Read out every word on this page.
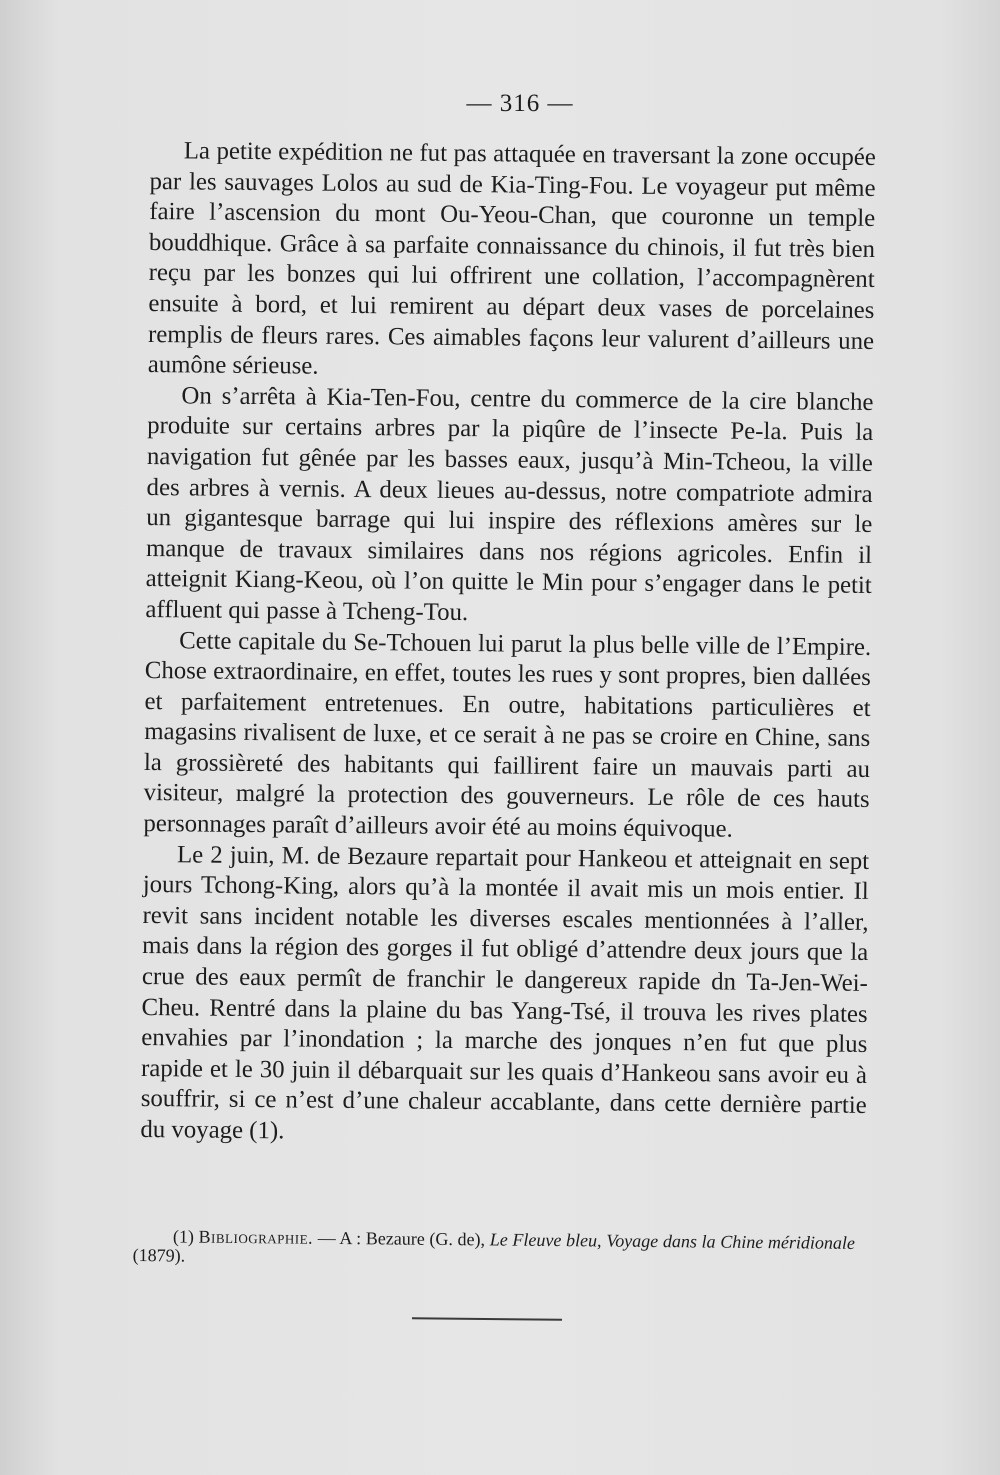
— 316 —

La petite expédition ne fut pas attaquée en traversant la zone occupée par les sauvages Lolos au sud de Kia-Ting-Fou. Le voyageur put même faire l’ascension du mont Ou-Yeou-Chan, que couronne un temple bouddhique. Grâce à sa parfaite connaissance du chinois, il fut très bien reçu par les bonzes qui lui offrirent une collation, l’accompagnèrent ensuite à bord, et lui remirent au départ deux vases de porcelaines remplis de fleurs rares. Ces aimables façons leur valurent d’ailleurs une aumône sérieuse.

On s’arrêta à Kia-Ten-Fou, centre du commerce de la cire blanche produite sur certains arbres par la piqûre de l’insecte Pe-la. Puis la navigation fut gênée par les basses eaux, jusqu’à Min-Tcheou, la ville des arbres à vernis. A deux lieues au-dessus, notre compatriote admira un gigantesque barrage qui lui inspire des réflexions amères sur le manque de travaux similaires dans nos régions agricoles. Enfin il atteignit Kiang-Keou, où l’on quitte le Min pour s’engager dans le petit affluent qui passe à Tcheng-Tou.

Cette capitale du Se-Tchouen lui parut la plus belle ville de l’Empire. Chose extraordinaire, en effet, toutes les rues y sont propres, bien dallées et parfaitement entretenues. En outre, habitations particulières et magasins rivalisent de luxe, et ce serait à ne pas se croire en Chine, sans la grossièreté des habitants qui faillirent faire un mauvais parti au visiteur, malgré la protection des gouverneurs. Le rôle de ces hauts personnages paraît d’ailleurs avoir été au moins équivoque.

Le 2 juin, M. de Bezaure repartait pour Hankeou et atteignait en sept jours Tchong-King, alors qu’à la montée il avait mis un mois entier. Il revit sans incident notable les diverses escales mentionnées à l’aller, mais dans la région des gorges il fut obligé d’attendre deux jours que la crue des eaux permît de franchir le dangereux rapide dn Ta-Jen-Wei-Cheu. Rentré dans la plaine du bas Yang-Tsé, il trouva les rives plates envahies par l’inondation ; la marche des jonques n’en fut que plus rapide et le 30 juin il débarquait sur les quais d’Hankeou sans avoir eu à souffrir, si ce n’est d’une chaleur accablante, dans cette dernière partie du voyage (1).

(1) Bibliographie. — A : Bezaure (G. de), Le Fleuve bleu, Voyage dans la Chine méridionale (1879).
